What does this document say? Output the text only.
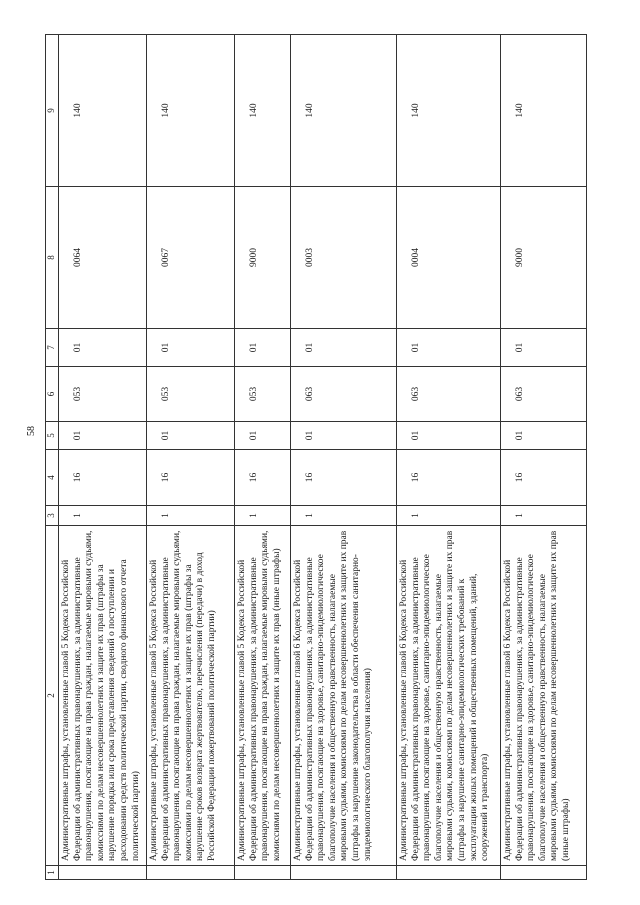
58
1	2	3	4	5	6	7	8	9
	Административные штрафы, установленные главой 5 Кодекса Российской Федерации об административных правонарушениях, за административные правонарушения, посягающие на права граждан, налагаемые мировыми судьями, комиссиями по делам несовершеннолетних и защите их прав (штрафы за нарушение порядка или срока представления сведений о поступлении и расходовании средств политической партии, сводного финансового отчета политической партии)	1	16	01	053	01	0064	140
	Административные штрафы, установленные главой 5 Кодекса Российской Федерации об административных правонарушениях, за административные правонарушения, посягающие на права граждан, налагаемые мировыми судьями, комиссиями по делам несовершеннолетних и защите их прав (штрафы за нарушение сроков возврата жертвователю, перечисления (передачи) в доход Российской Федерации пожертвований политической партии)	1	16	01	053	01	0067	140
	Административные штрафы, установленные главой 5 Кодекса Российской Федерации об административных правонарушениях, за административные правонарушения, посягающие на права граждан, налагаемые мировыми судьями, комиссиями по делам несовершеннолетних и защите их прав (иные штрафы)	1	16	01	053	01	9000	140
	Административные штрафы, установленные главой 6 Кодекса Российской Федерации об административных правонарушениях, за административные правонарушения, посягающие на здоровье, санитарно-эпидемиологическое благополучие населения и общественную нравственность, налагаемые мировыми судьями, комиссиями по делам несовершеннолетних и защите их прав (штрафы за нарушение законодательства в области обеспечения санитарно-эпидемиологического благополучия населения)	1	16	01	063	01	0003	140
	Административные штрафы, установленные главой 6 Кодекса Российской Федерации об административных правонарушениях, за административные правонарушения, посягающие на здоровье, санитарно-эпидемиологическое благополучие населения и общественную нравственность, налагаемые мировыми судьями, комиссиями по делам несовершеннолетних и защите их прав (штрафы за нарушение санитарно-эпидемиологических требований к эксплуатации жилых помещений и общественных помещений, зданий, сооружений и транспорта)	1	16	01	063	01	0004	140
	Административные штрафы, установленные главой 6 Кодекса Российской Федерации об административных правонарушениях, за административные правонарушения, посягающие на здоровье, санитарно-эпидемиологическое благополучие населения и общественную нравственность, налагаемые мировыми судьями, комиссиями по делам несовершеннолетних и защите их прав (иные штрафы)	1	16	01	063	01	9000	140
